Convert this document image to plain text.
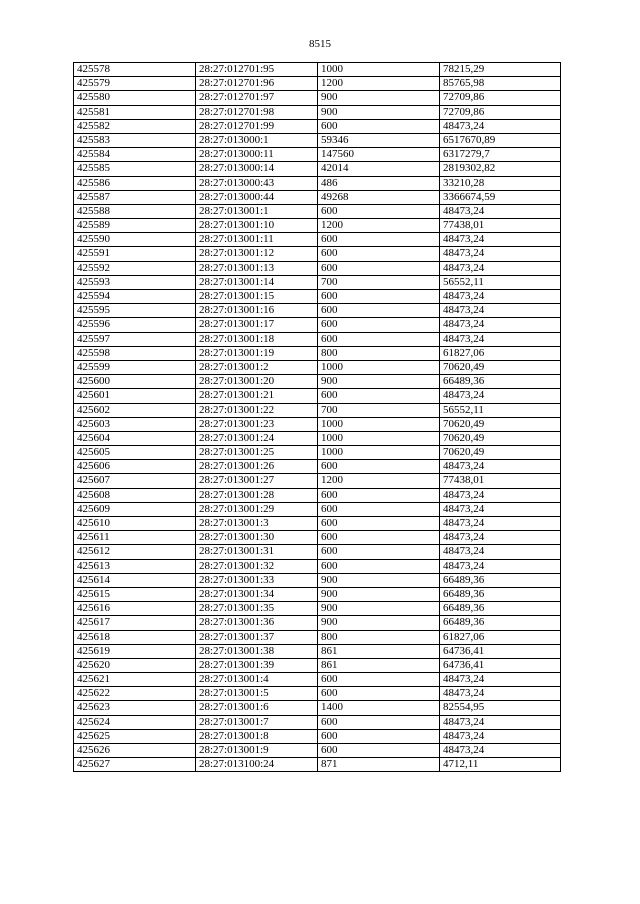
8515
425578	28:27:012701:95	1000	78215,29
425579	28:27:012701:96	1200	85765,98
425580	28:27:012701:97	900	72709,86
425581	28:27:012701:98	900	72709,86
425582	28:27:012701:99	600	48473,24
425583	28:27:013000:1	59346	6517670,89
425584	28:27:013000:11	147560	6317279,7
425585	28:27:013000:14	42014	2819302,82
425586	28:27:013000:43	486	33210,28
425587	28:27:013000:44	49268	3366674,59
425588	28:27:013001:1	600	48473,24
425589	28:27:013001:10	1200	77438,01
425590	28:27:013001:11	600	48473,24
425591	28:27:013001:12	600	48473,24
425592	28:27:013001:13	600	48473,24
425593	28:27:013001:14	700	56552,11
425594	28:27:013001:15	600	48473,24
425595	28:27:013001:16	600	48473,24
425596	28:27:013001:17	600	48473,24
425597	28:27:013001:18	600	48473,24
425598	28:27:013001:19	800	61827,06
425599	28:27:013001:2	1000	70620,49
425600	28:27:013001:20	900	66489,36
425601	28:27:013001:21	600	48473,24
425602	28:27:013001:22	700	56552,11
425603	28:27:013001:23	1000	70620,49
425604	28:27:013001:24	1000	70620,49
425605	28:27:013001:25	1000	70620,49
425606	28:27:013001:26	600	48473,24
425607	28:27:013001:27	1200	77438,01
425608	28:27:013001:28	600	48473,24
425609	28:27:013001:29	600	48473,24
425610	28:27:013001:3	600	48473,24
425611	28:27:013001:30	600	48473,24
425612	28:27:013001:31	600	48473,24
425613	28:27:013001:32	600	48473,24
425614	28:27:013001:33	900	66489,36
425615	28:27:013001:34	900	66489,36
425616	28:27:013001:35	900	66489,36
425617	28:27:013001:36	900	66489,36
425618	28:27:013001:37	800	61827,06
425619	28:27:013001:38	861	64736,41
425620	28:27:013001:39	861	64736,41
425621	28:27:013001:4	600	48473,24
425622	28:27:013001:5	600	48473,24
425623	28:27:013001:6	1400	82554,95
425624	28:27:013001:7	600	48473,24
425625	28:27:013001:8	600	48473,24
425626	28:27:013001:9	600	48473,24
425627	28:27:013100:24	871	4712,11
